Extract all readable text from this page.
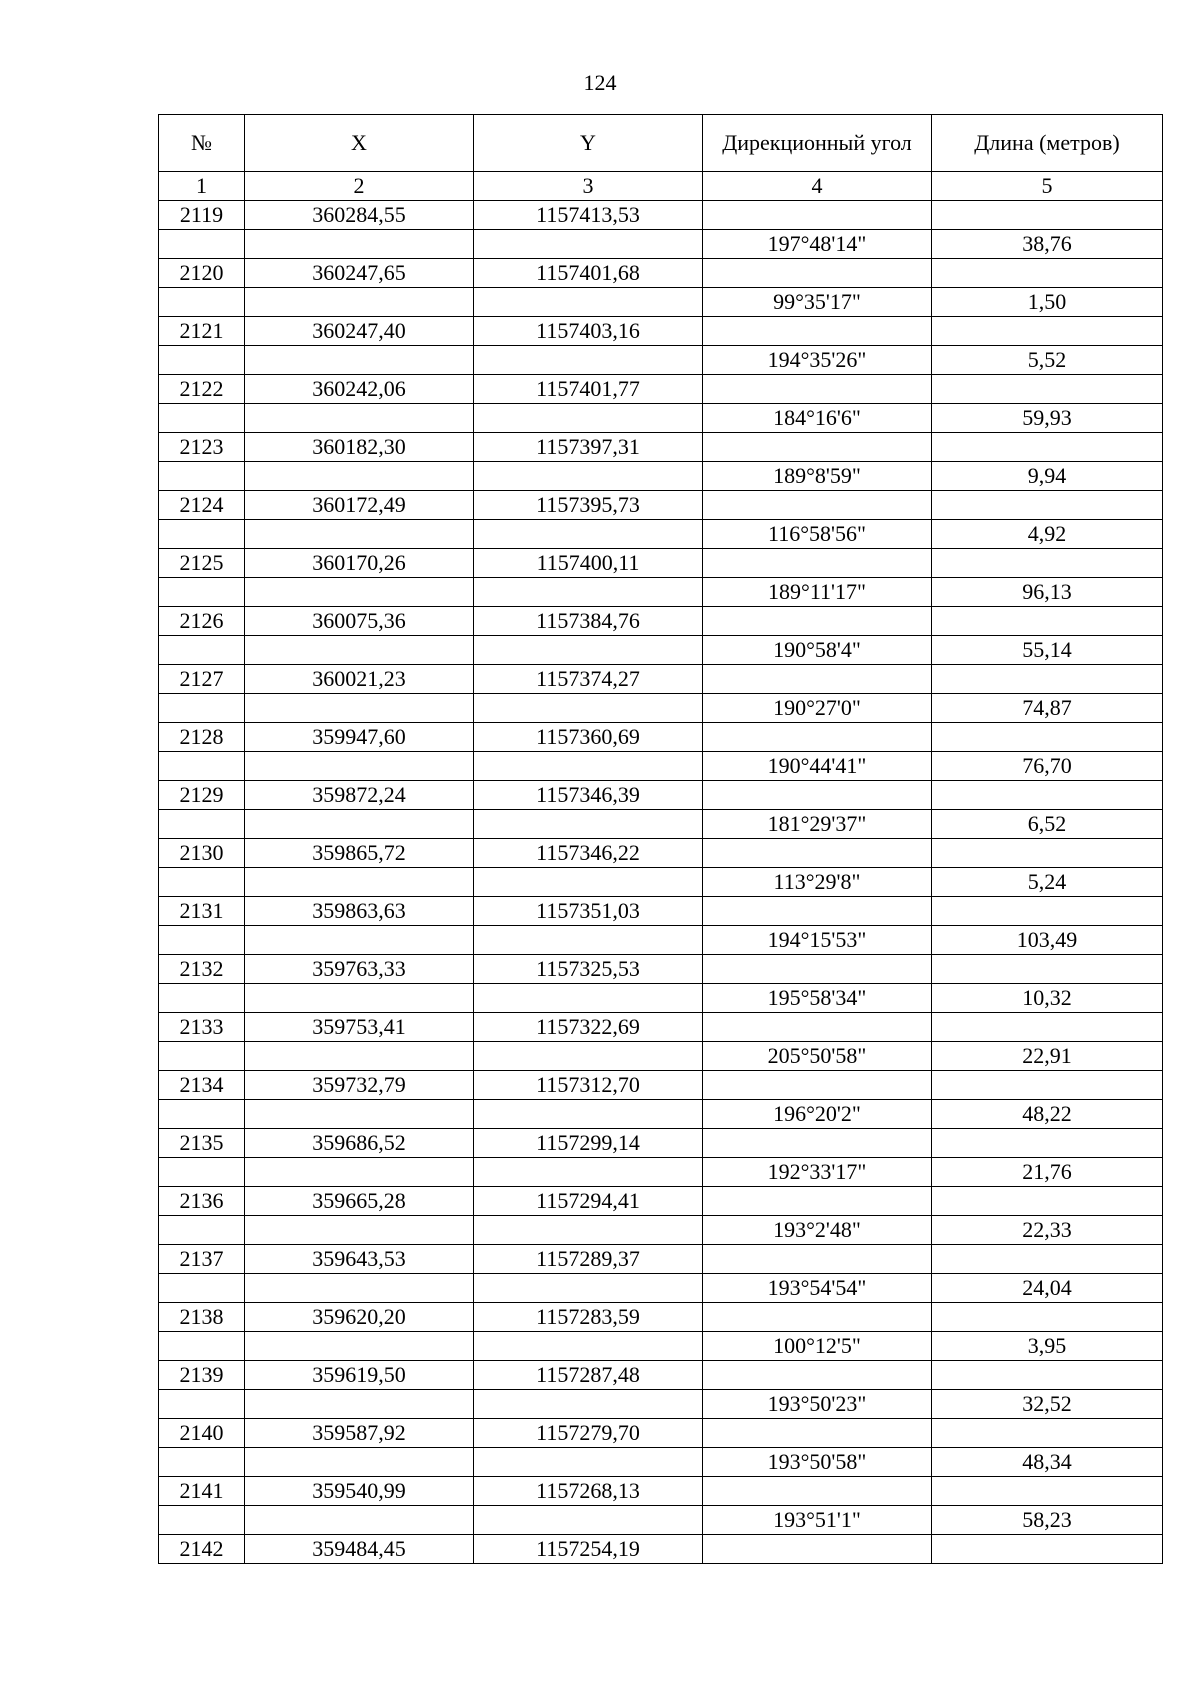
124
№	X	Y	Дирекционный угол	Длина (метров)
1	2	3	4	5
2119	360284,55	1157413,53		
			197°48'14"	38,76
2120	360247,65	1157401,68		
			99°35'17"	1,50
2121	360247,40	1157403,16		
			194°35'26"	5,52
2122	360242,06	1157401,77		
			184°16'6"	59,93
2123	360182,30	1157397,31		
			189°8'59"	9,94
2124	360172,49	1157395,73		
			116°58'56"	4,92
2125	360170,26	1157400,11		
			189°11'17"	96,13
2126	360075,36	1157384,76		
			190°58'4"	55,14
2127	360021,23	1157374,27		
			190°27'0"	74,87
2128	359947,60	1157360,69		
			190°44'41"	76,70
2129	359872,24	1157346,39		
			181°29'37"	6,52
2130	359865,72	1157346,22		
			113°29'8"	5,24
2131	359863,63	1157351,03		
			194°15'53"	103,49
2132	359763,33	1157325,53		
			195°58'34"	10,32
2133	359753,41	1157322,69		
			205°50'58"	22,91
2134	359732,79	1157312,70		
			196°20'2"	48,22
2135	359686,52	1157299,14		
			192°33'17"	21,76
2136	359665,28	1157294,41		
			193°2'48"	22,33
2137	359643,53	1157289,37		
			193°54'54"	24,04
2138	359620,20	1157283,59		
			100°12'5"	3,95
2139	359619,50	1157287,48		
			193°50'23"	32,52
2140	359587,92	1157279,70		
			193°50'58"	48,34
2141	359540,99	1157268,13		
			193°51'1"	58,23
2142	359484,45	1157254,19		
